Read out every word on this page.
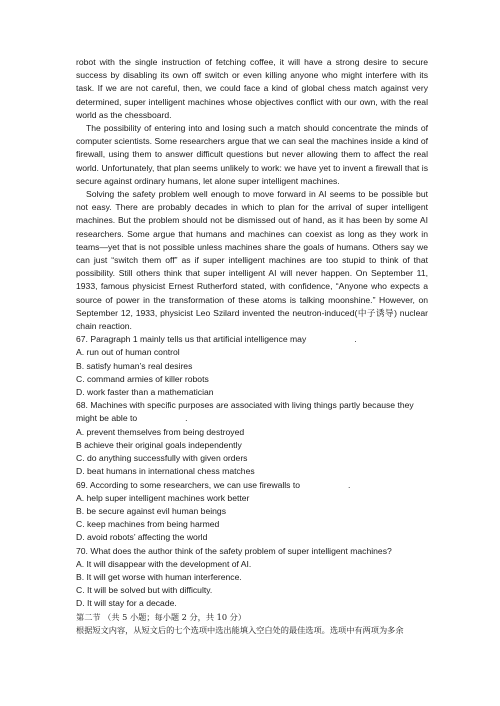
robot with the single instruction of fetching coffee, it will have a strong desire to secure success by disabling its own off switch or even killing anyone who might interfere with its task. If we are not careful, then, we could face a kind of global chess match against very determined, super intelligent machines whose objectives conflict with our own, with the real world as the chessboard.

The possibility of entering into and losing such a match should concentrate the minds of computer scientists. Some researchers argue that we can seal the machines inside a kind of firewall, using them to answer difficult questions but never allowing them to affect the real world. Unfortunately, that plan seems unlikely to work: we have yet to invent a firewall that is secure against ordinary humans, let alone super intelligent machines.

Solving the safety problem well enough to move forward in AI seems to be possible but not easy. There are probably decades in which to plan for the arrival of super intelligent machines. But the problem should not be dismissed out of hand, as it has been by some AI researchers. Some argue that humans and machines can coexist as long as they work in teams—yet that is not possible unless machines share the goals of humans. Others say we can just “switch them off” as if super intelligent machines are too stupid to think of that possibility. Still others think that super intelligent AI will never happen. On September 11, 1933, famous physicist Ernest Rutherford stated, with confidence, “Anyone who expects a source of power in the transformation of these atoms is talking moonshine.” However, on September 12, 1933, physicist Leo Szilard invented the neutron-induced(中子诱导) nuclear chain reaction.

67. Paragraph 1 mainly tells us that artificial intelligence may	.

A. run out of human control

B. satisfy human’s real desires

C. command armies of killer robots

D. work faster than a mathematician

68. Machines with specific purposes are associated with living things partly because they might be able to	.

A. prevent themselves from being destroyed

B achieve their original goals independently

C. do anything successfully with given orders

D. beat humans in international chess matches

69. According to some researchers, we can use firewalls to	.

A. help super intelligent machines work better

B. be secure against evil human beings

C. keep machines from being harmed

D. avoid robots’ affecting the world

70. What does the author think of the safety problem of super intelligent machines?

A. It will disappear with the development of AI.

B. It will get worse with human interference.

C. It will be solved but with difficulty.

D. It will stay for a decade.

第二节 （共 5 小题；每小题 2 分，共 10 分）

根据短文内容，从短文后的七个选项中选出能填入空白处的最佳选项。选项中有两项为多余
